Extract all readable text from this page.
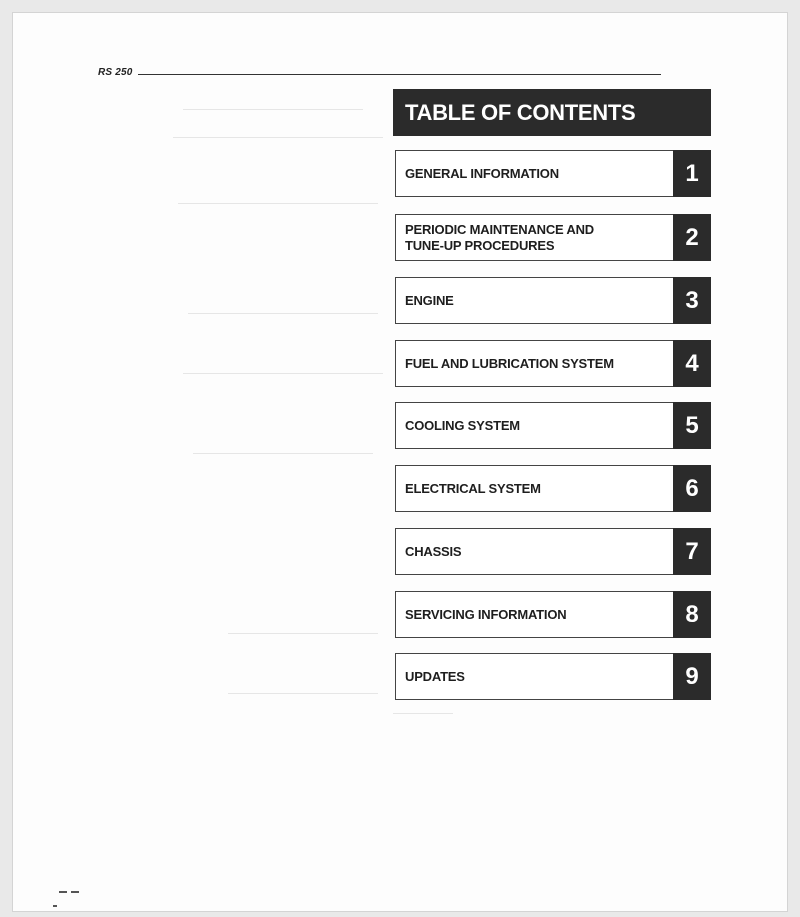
RS 250
TABLE OF CONTENTS
GENERAL INFORMATION	1
PERIODIC MAINTENANCE AND
TUNE-UP PROCEDURES	2
ENGINE	3
FUEL AND LUBRICATION SYSTEM	4
COOLING SYSTEM	5
ELECTRICAL SYSTEM	6
CHASSIS	7
SERVICING INFORMATION	8
UPDATES	9
